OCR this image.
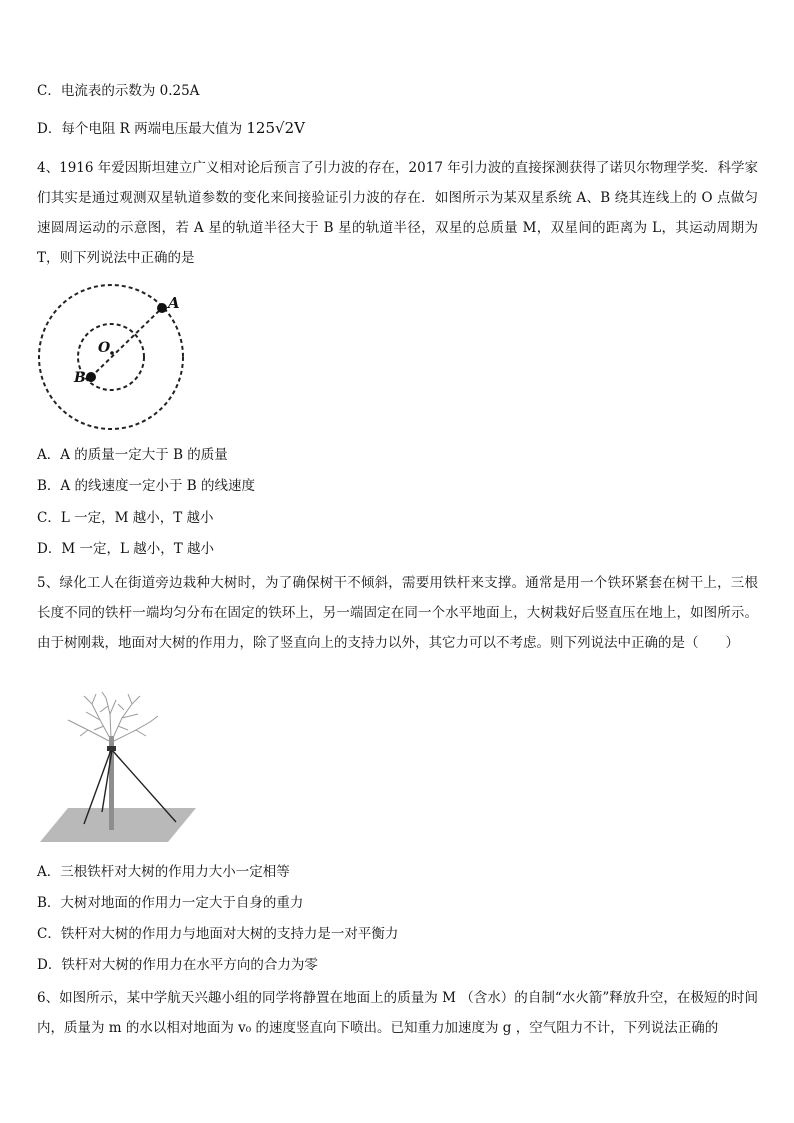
C．电流表的示数为 0.25A
D．每个电阻 R 两端电压最大值为 125√2V
4、1916 年爱因斯坦建立广义相对论后预言了引力波的存在，2017 年引力波的直接探测获得了诺贝尔物理学奖．科学家们其实是通过观测双星轨道参数的变化来间接验证引力波的存在．如图所示为某双星系统 A、B 绕其连线上的 O 点做匀速圆周运动的示意图，若 A 星的轨道半径大于 B 星的轨道半径，双星的总质量 M，双星间的距离为 L，其运动周期为 T，则下列说法中正确的是
A
O
B
A．A 的质量一定大于 B 的质量
B．A 的线速度一定小于 B 的线速度
C．L 一定，M 越小，T 越小
D．M 一定，L 越小，T 越小
5、绿化工人在街道旁边栽种大树时，为了确保树干不倾斜，需要用铁杆来支撑。通常是用一个铁环紧套在树干上，三根长度不同的铁杆一端均匀分布在固定的铁环上，另一端固定在同一个水平地面上，大树栽好后竖直压在地上，如图所示。由于树刚栽，地面对大树的作用力，除了竖直向上的支持力以外，其它力可以不考虑。则下列说法中正确的是（　　）
A．三根铁杆对大树的作用力大小一定相等
B．大树对地面的作用力一定大于自身的重力
C．铁杆对大树的作用力与地面对大树的支持力是一对平衡力
D．铁杆对大树的作用力在水平方向的合力为零
6、如图所示，某中学航天兴趣小组的同学将静置在地面上的质量为 M （含水）的自制“水火箭”释放升空，在极短的时间内，质量为 m 的水以相对地面为 v₀ 的速度竖直向下喷出。已知重力加速度为 g ，空气阻力不计，下列说法正确的
